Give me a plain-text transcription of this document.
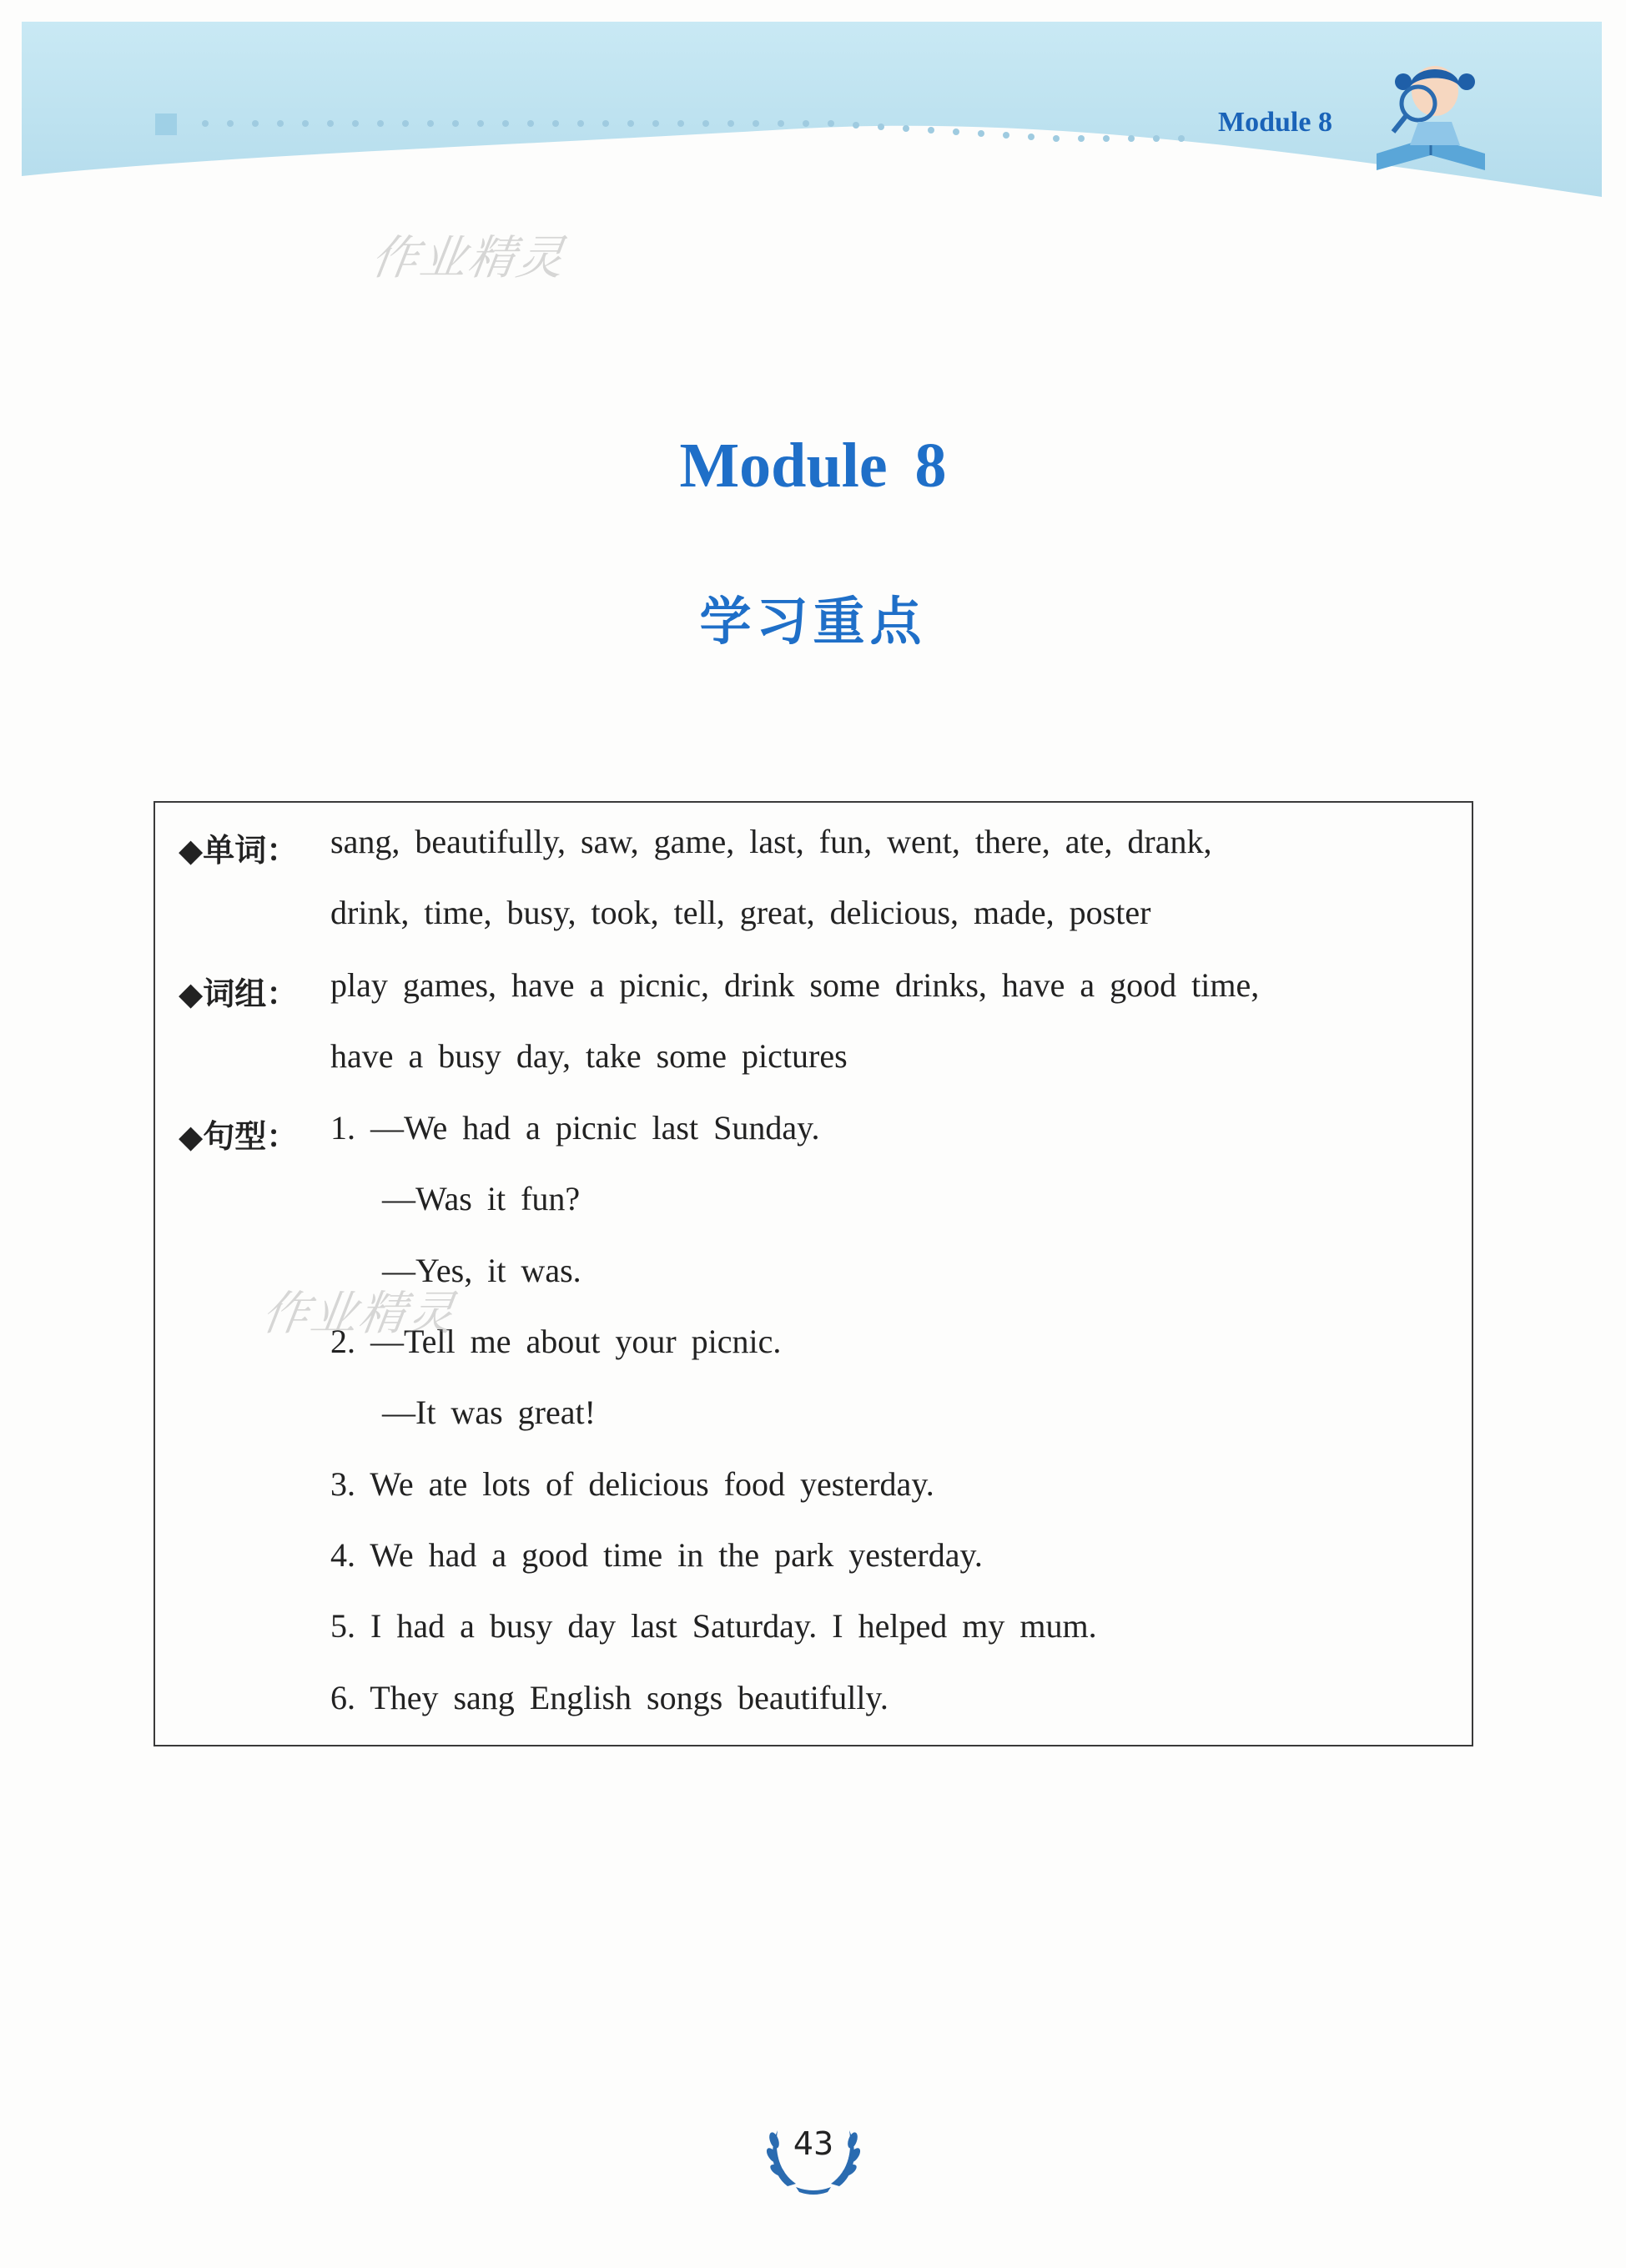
Module 8
作业精灵
Module 8
学习重点
◆单词： sang, beautifully, saw, game, last, fun, went, there, ate, drank,
drink, time, busy, took, tell, great, delicious, made, poster
◆词组： play games, have a picnic, drink some drinks, have a good time,
have a busy day, take some pictures
◆句型： 1. —We had a picnic last Sunday.
—Was it fun?
—Yes, it was.
2. —Tell me about your picnic.
—It was great!
3. We ate lots of delicious food yesterday.
4. We had a good time in the park yesterday.
5. I had a busy day last Saturday. I helped my mum.
6. They sang English songs beautifully.
作业精灵
43
